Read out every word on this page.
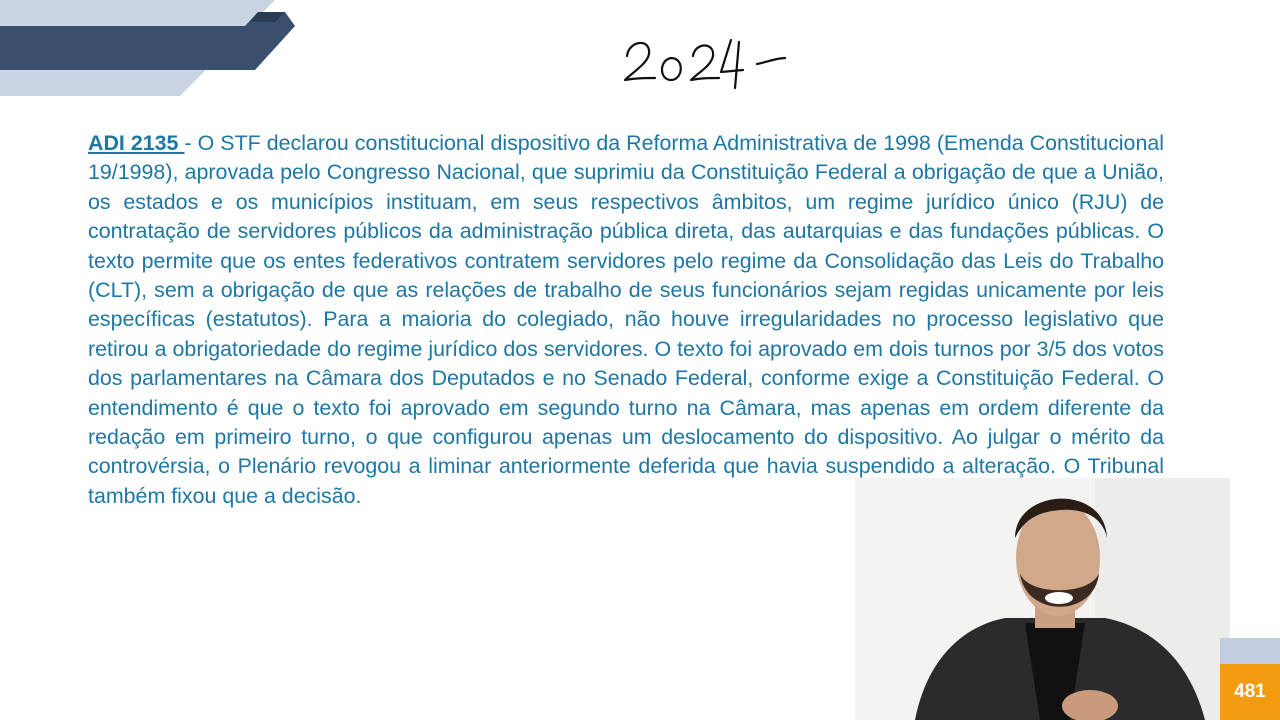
ADI 2135 - O STF declarou constitucional dispositivo da Reforma Administrativa de 1998 (Emenda Constitucional 19/1998), aprovada pelo Congresso Nacional, que suprimiu da Constituição Federal a obrigação de que a União, os estados e os municípios instituam, em seus respectivos âmbitos, um regime jurídico único (RJU) de contratação de servidores públicos da administração pública direta, das autarquias e das fundações públicas. O texto permite que os entes federativos contratem servidores pelo regime da Consolidação das Leis do Trabalho (CLT), sem a obrigação de que as relações de trabalho de seus funcionários sejam regidas unicamente por leis específicas (estatutos). Para a maioria do colegiado, não houve irregularidades no processo legislativo que retirou a obrigatoriedade do regime jurídico dos servidores. O texto foi aprovado em dois turnos por 3/5 dos votos dos parlamentares na Câmara dos Deputados e no Senado Federal, conforme exige a Constituição Federal. O entendimento é que o texto foi aprovado em segundo turno na Câmara, mas apenas em ordem diferente da redação em primeiro turno, o que configurou apenas um deslocamento do dispositivo. Ao julgar o mérito da controvérsia, o Plenário revogou a liminar anteriormente deferida que havia suspendido a alteração. O Tribunal também fixou que a decisão.

481
